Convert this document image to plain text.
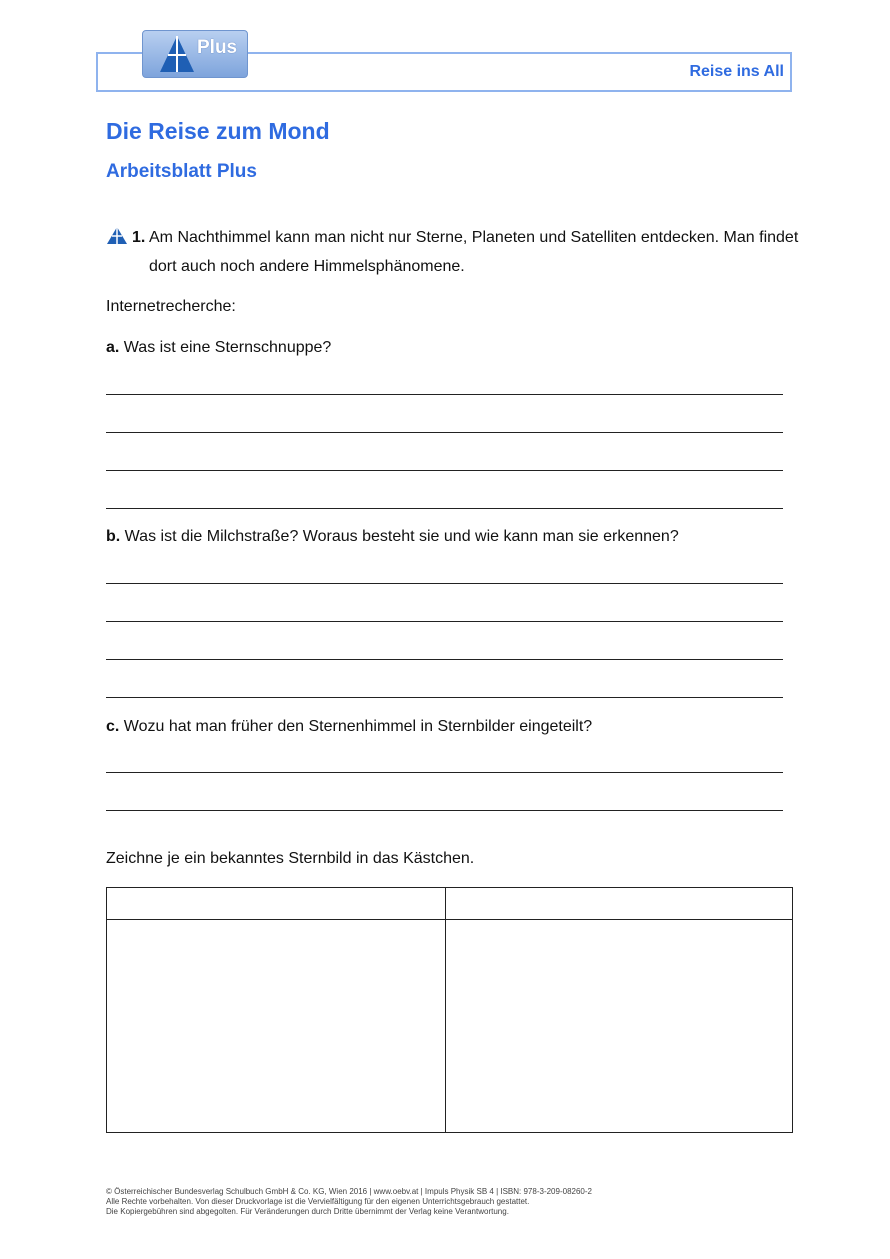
Plus
Reise ins All
Die Reise zum Mond
Arbeitsblatt Plus
1. Am Nachthimmel kann man nicht nur Sterne, Planeten und Satelliten entdecken. Man findet dort auch noch andere Himmelsphänomene.
Internetrecherche:
a. Was ist eine Sternschnuppe?
b. Was ist die Milchstraße? Woraus besteht sie und wie kann man sie erkennen?
c. Wozu hat man früher den Sternenhimmel in Sternbilder eingeteilt?
Zeichne je ein bekanntes Sternbild in das Kästchen.
© Österreichischer Bundesverlag Schulbuch GmbH & Co. KG, Wien 2016 | www.oebv.at | Impuls Physik SB 4 | ISBN: 978-3-209-08260-2
Alle Rechte vorbehalten. Von dieser Druckvorlage ist die Vervielfältigung für den eigenen Unterrichtsgebrauch gestattet.
Die Kopiergebühren sind abgegolten. Für Veränderungen durch Dritte übernimmt der Verlag keine Verantwortung.
